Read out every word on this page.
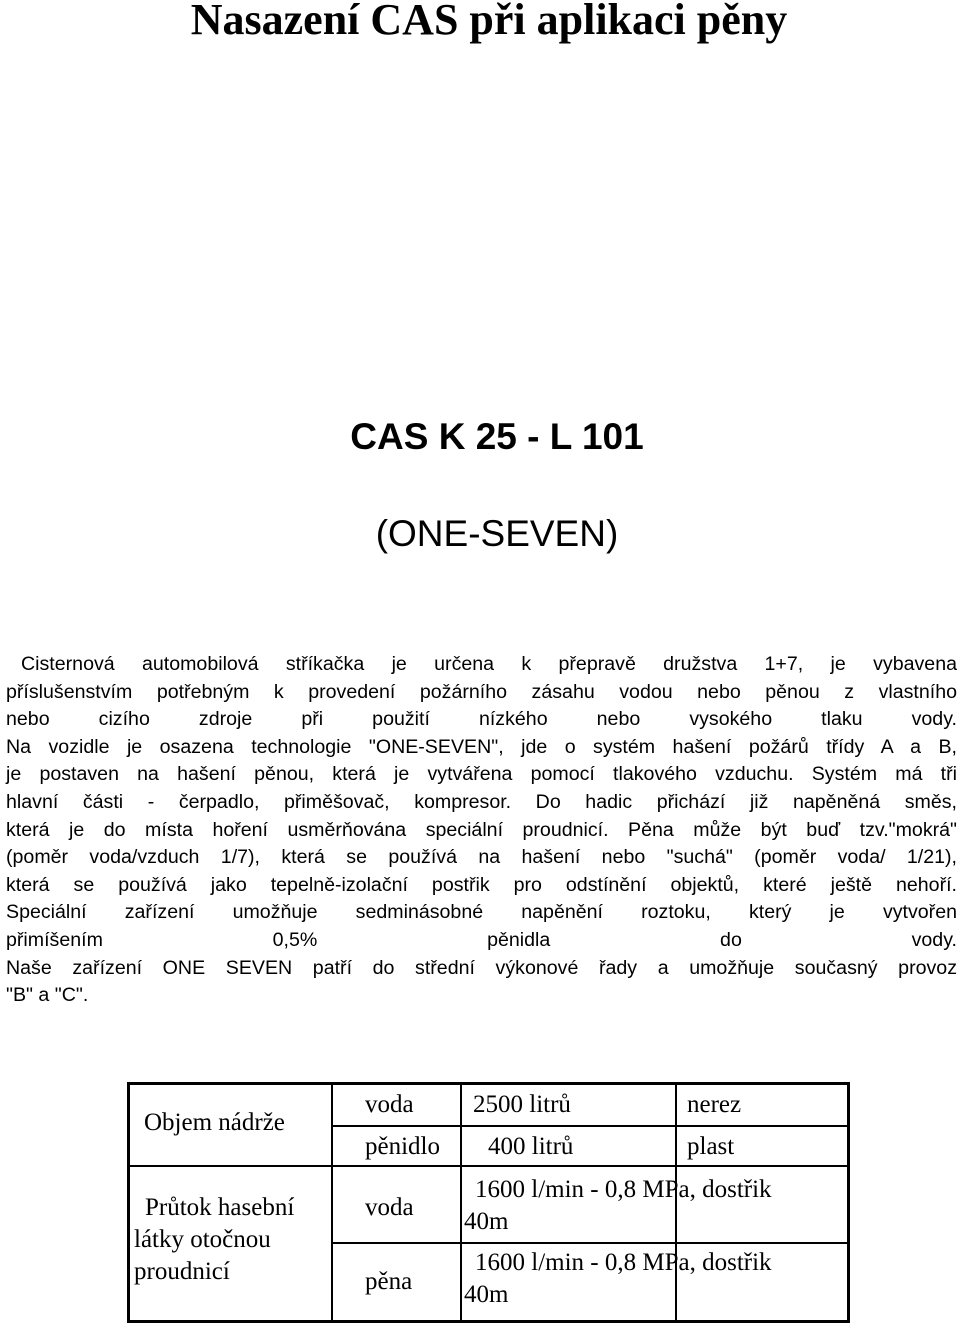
Nasazení CAS při aplikaci pěny
CAS K 25 - L 101
(ONE-SEVEN)
Cisternová automobilová stříkačka je určena k přepravě družstva 1+7, je vybavena
příslušenstvím potřebným k provedení požárního zásahu vodou nebo pěnou z vlastního
nebo cizího zdroje při použití nízkého nebo vysokého tlaku vody.
Na vozidle je osazena technologie "ONE-SEVEN", jde o systém hašení požárů třídy A a B,
je postaven na hašení pěnou, která je vytvářena pomocí tlakového vzduchu. Systém má tři
hlavní části - čerpadlo, přiměšovač, kompresor. Do hadic přichází již napěněná směs,
která je do místa hoření usměrňována speciální proudnicí. Pěna může být buď tzv."mokrá"
(poměr voda/vzduch 1/7), která se používá na hašení nebo "suchá" (poměr voda/ 1/21),
která se používá jako tepelně-izolační postřik pro odstínění objektů, které ještě nehoří.
Speciální zařízení umožňuje sedminásobné napěnění roztoku, který je vytvořen
přimíšením 0,5% pěnidla do vody.
Naše zařízení ONE SEVEN patří do střední výkonové řady a umožňuje současný provoz
"B" a "C".
Objem nádrže
voda 2500 litrů	nerez
pěnidlo 400 litrů	plast
Průtok hasební
látky otočnou
proudnicí
voda
1600 l/min - 0,8 MPa, dostřik
40m
pěna
1600 l/min - 0,8 MPa, dostřik
40m
